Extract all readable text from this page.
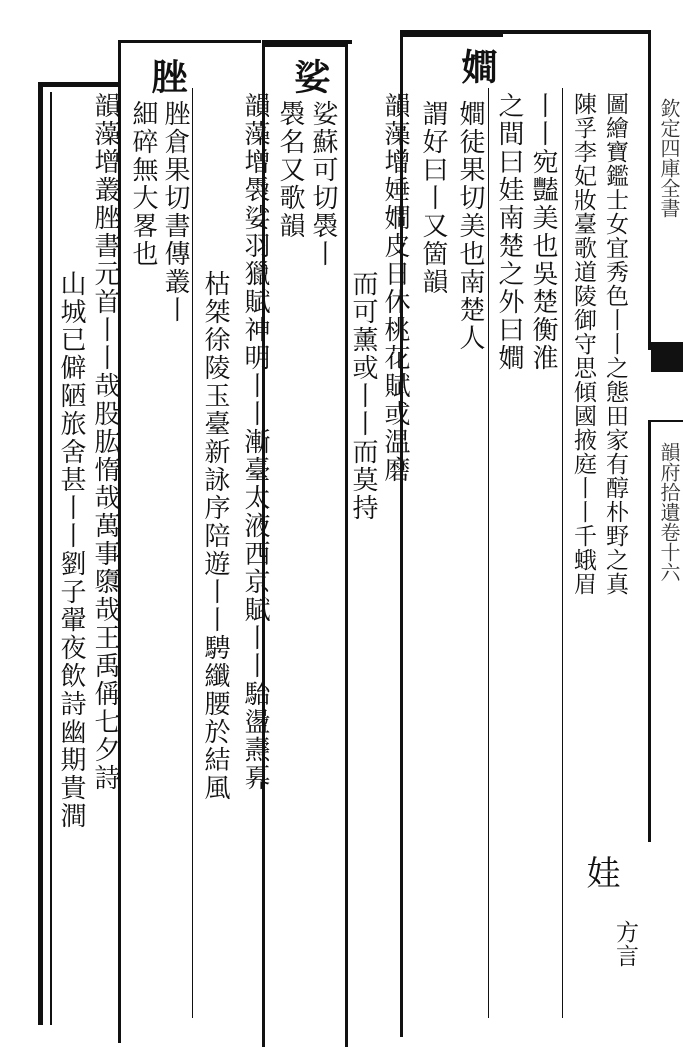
欽定四庫全書
韻府拾遺卷十六
圖繪寶鑑士女宜秀色丨丨之態田家有醇朴野之真
陳孚李妃妝臺歌道陵御守思傾國掖庭丨丨千蛾眉
丨丨宛豔美也吳楚衡淮
之間曰娃南楚之外曰𡢃
𡢃
𡢃徒果切美也南楚人
謂好曰丨又箇韻
韻藻增娷𡢃皮日休桃花賦或温磨
而可薰或丨丨而莫持
娑
娑蘇可切䮍丨
䮍名又歌韻
韻藻增䮍娑羽獵賦神明丨丨漸臺太液西京賦丨丨駘盪燾奡
枯桀徐陵玉臺新詠序陪遊丨丨騁纖腰於結風
脞
脞倉果切書傳叢丨
細碎無大畧也
韻藻增叢脞書元首丨丨哉股肱惰哉萬事隳哉王禹偁七夕詩
山城已僻陋旅舍甚丨丨劉子翬夜飲詩幽期貴澗
娃
方言
